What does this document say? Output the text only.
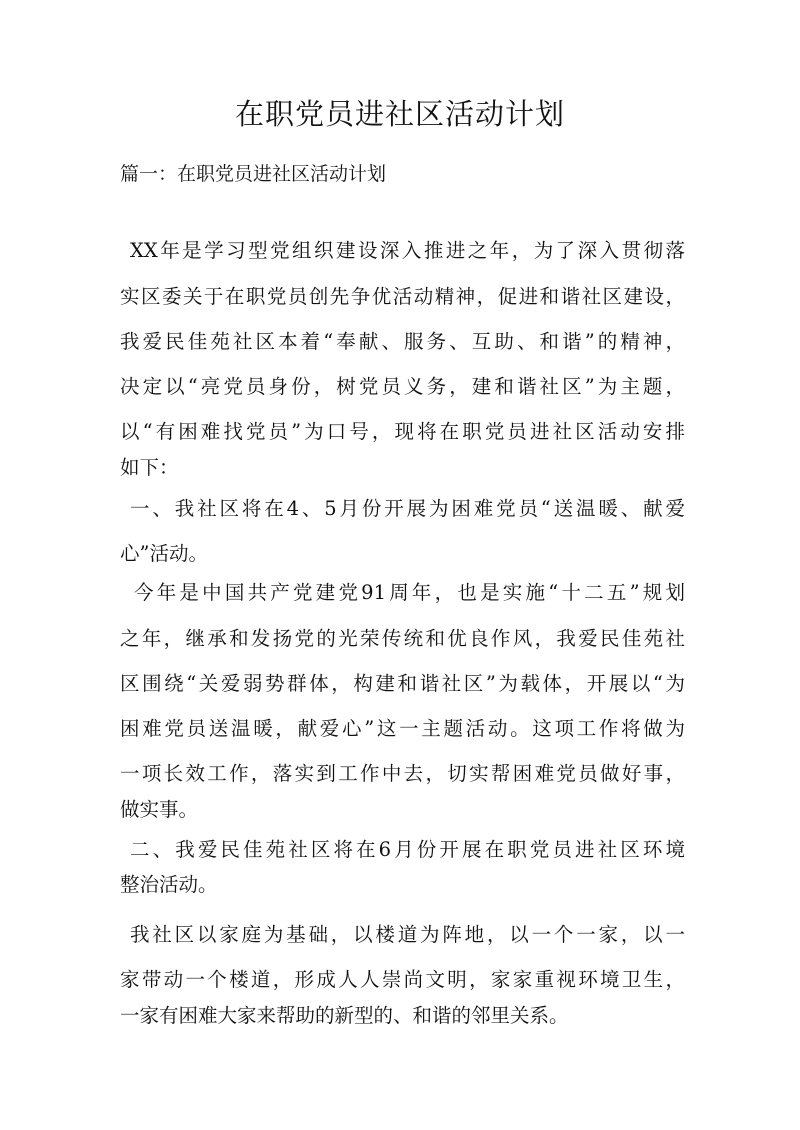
在职党员进社区活动计划
篇一：在职党员进社区活动计划
XX年是学习型党组织建设深入推进之年，为了深入贯彻落
实区委关于在职党员创先争优活动精神，促进和谐社区建设，
我爱民佳苑社区本着“奉献、服务、互助、和谐”的精神，
决定以“亮党员身份，树党员义务，建和谐社区”为主题，
以“有困难找党员”为口号，现将在职党员进社区活动安排
如下：
一、我社区将在4、5月份开展为困难党员“送温暖、献爱
心”活动。
今年是中国共产党建党91周年，也是实施“十二五”规划
之年，继承和发扬党的光荣传统和优良作风，我爱民佳苑社
区围绕“关爱弱势群体，构建和谐社区”为载体，开展以“为
困难党员送温暖，献爱心”这一主题活动。这项工作将做为
一项长效工作，落实到工作中去，切实帮困难党员做好事，
做实事。
二、我爱民佳苑社区将在6月份开展在职党员进社区环境
整治活动。
我社区以家庭为基础，以楼道为阵地，以一个一家，以一
家带动一个楼道，形成人人崇尚文明，家家重视环境卫生，
一家有困难大家来帮助的新型的、和谐的邻里关系。
